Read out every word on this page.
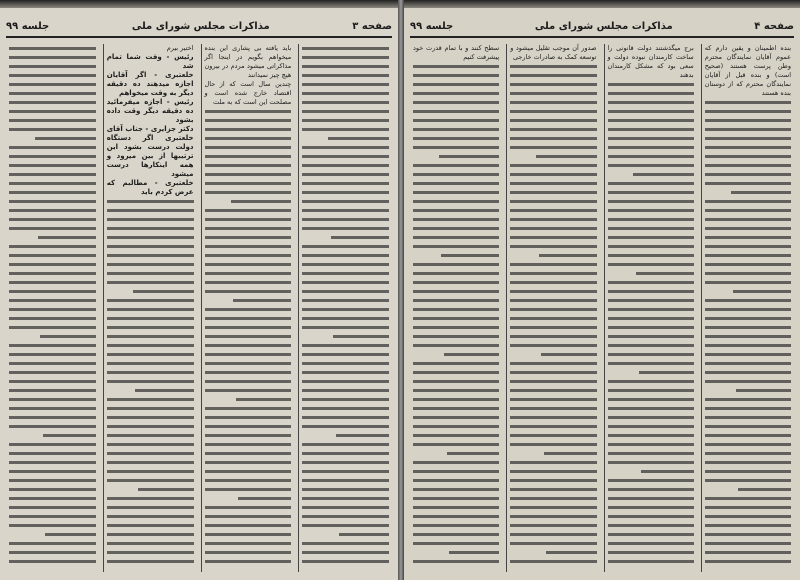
صفحه ۳
مذاکرات مجلس شورای ملی
جلسه ۹۹
باید یافته بی پشاری این بنده میخواهم بگویم در اینجا اگر مذاکراتی میشود مردم در بیرون هیچ چیز نمیدانند
چندین سال است که از حال اقتصاد خارج شده است و مصلحت این است که به ملت
اختیر بیرم
رئیس - وقت شما تمام شد
خلعتبری - اگر آقایان اجازه میدهند ده دقیقه دیگر به وقت میخواهم
رئیس - اجازه میفرمائید ده دقیقه دیگر وقت داده بشود
دکتر جزایری - جناب آقای خلعتبری اگر دستگاه دولت درست بشود این ترتیبها از بین میرود و همه اینکارها درست میشود
خلعتبری - مطالبم که عرض کردم باید
صفحه ۴
مذاکرات مجلس شورای ملی
جلسه ۹۹
بنده اطمینان و یقین دارم که عموم آقایان نمایندگان محترم وطن پرست هستند (صحیح است) و بنده قبل از آقایان نمایندگان محترم که از دوستان بنده هستند
برج میگذشتند دولت قانونی را ساخت کارمندان نبوده دولت و سعی بود که مشکل کارمندان بدهند
صدور آن موجب تقلیل میشود و توسعه کمک به صادرات خارجی
سطح کنند و با تمام قدرت خود پیشرفت کنیم
